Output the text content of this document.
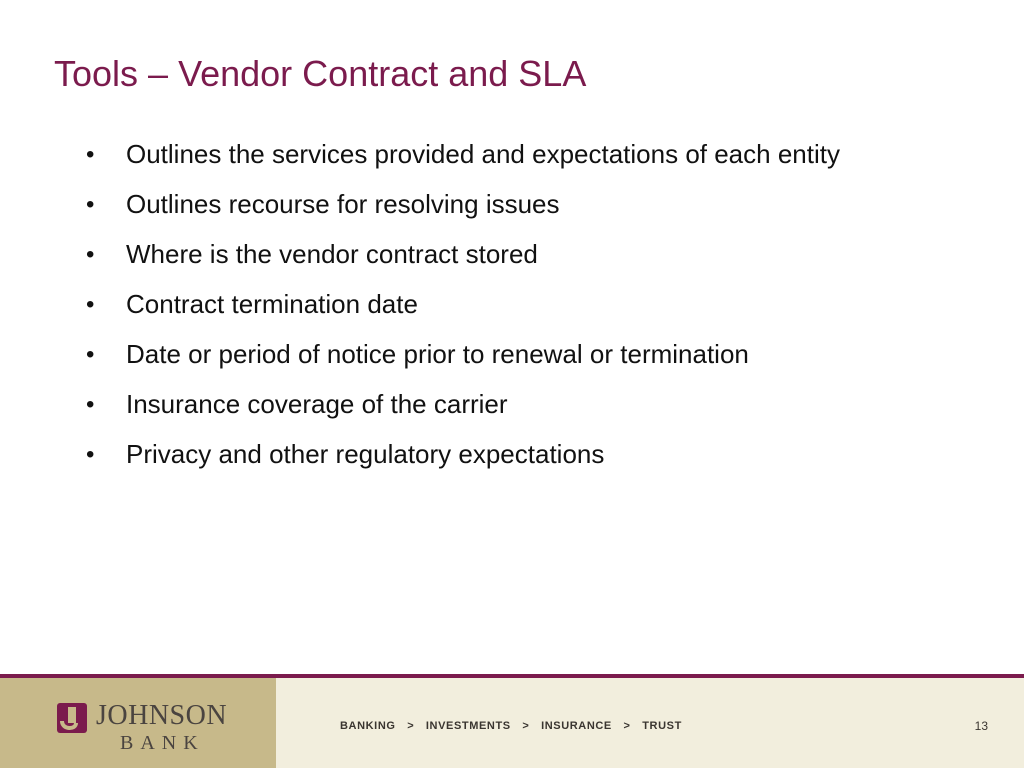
Tools – Vendor Contract and SLA
• Outlines the services provided and expectations of each entity
• Outlines recourse for resolving issues
• Where is the vendor contract stored
• Contract termination date
• Date or period of notice prior to renewal or termination
• Insurance coverage of the carrier
• Privacy and other regulatory expectations
JOHNSON
BANK
BANKING > INVESTMENTS > INSURANCE > TRUST	13
